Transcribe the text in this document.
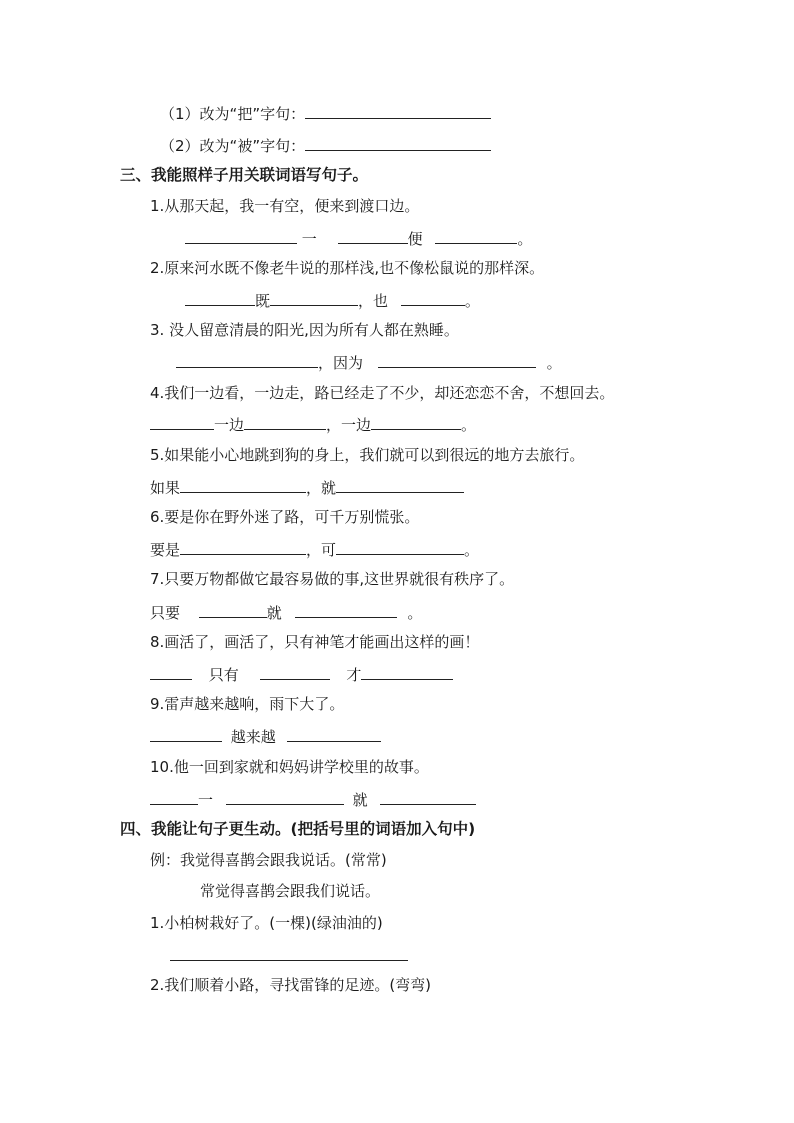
（1）改为“把”字句：
（2）改为“被”字句：
三、我能照样子用关联词语写句子。
1.从那天起，我一有空，便来到渡口边。
一	便	。
2.原来河水既不像老牛说的那样浅,也不像松鼠说的那样深。
既	，也	。
3. 没人留意清晨的阳光,因为所有人都在熟睡。
，因为	。
4.我们一边看，一边走，路已经走了不少，却还恋恋不舍，不想回去。
一边	，一边	。
5.如果能小心地跳到狗的身上，我们就可以到很远的地方去旅行。
如果	，就
6.要是你在野外迷了路，可千万别慌张。
要是	，可	。
7.只要万物都做它最容易做的事,这世界就很有秩序了。
只要	就	。
8.画活了，画活了，只有神笔才能画出这样的画！
只有	才
9.雷声越来越响，雨下大了。
越来越
10.他一回到家就和妈妈讲学校里的故事。
一	就
四、我能让句子更生动。(把括号里的词语加入句中)
例：我觉得喜鹊会跟我说话。(常常)
常觉得喜鹊会跟我们说话。
1.小柏树栽好了。(一棵)(绿油油的)
2.我们顺着小路，寻找雷锋的足迹。(弯弯)
